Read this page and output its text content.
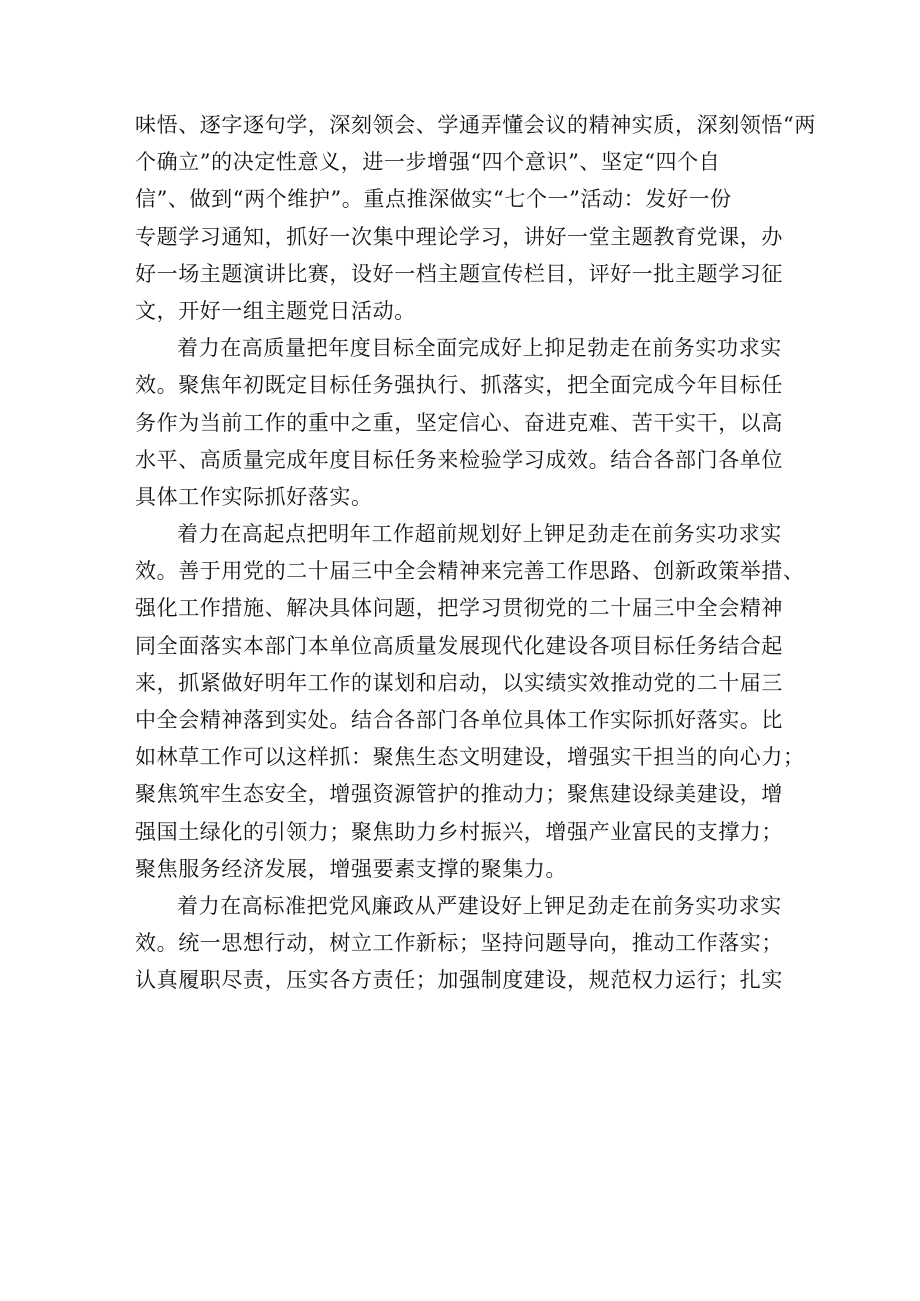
味悟、逐字逐句学，深刻领会、学通弄懂会议的精神实质，深刻领悟“两
个确立”的决定性意义，进一步增强“四个意识”、坚定“四个自
信”、做到“两个维护”。重点推深做实“七个一”活动：发好一份
专题学习通知，抓好一次集中理论学习，讲好一堂主题教育党课，办
好一场主题演讲比赛，设好一档主题宣传栏目，评好一批主题学习征
文，开好一组主题党日活动。
着力在高质量把年度目标全面完成好上抑足勃走在前务实功求实
效。聚焦年初既定目标任务强执行、抓落实，把全面完成今年目标任
务作为当前工作的重中之重，坚定信心、奋进克难、苦干实干，以高
水平、高质量完成年度目标任务来检验学习成效。结合各部门各单位
具体工作实际抓好落实。
着力在高起点把明年工作超前规划好上钾足劲走在前务实功求实
效。善于用党的二十届三中全会精神来完善工作思路、创新政策举措、
强化工作措施、解决具体问题，把学习贯彻党的二十届三中全会精神
同全面落实本部门本单位高质量发展现代化建设各项目标任务结合起
来，抓紧做好明年工作的谋划和启动，以实绩实效推动党的二十届三
中全会精神落到实处。结合各部门各单位具体工作实际抓好落实。比
如林草工作可以这样抓：聚焦生态文明建设，增强实干担当的向心力；
聚焦筑牢生态安全，增强资源管护的推动力；聚焦建设绿美建设，增
强国土绿化的引领力；聚焦助力乡村振兴，增强产业富民的支撑力；
聚焦服务经济发展，增强要素支撑的聚集力。
着力在高标准把党风廉政从严建设好上钾足劲走在前务实功求实
效。统一思想行动，树立工作新标；坚持问题导向，推动工作落实；
认真履职尽责，压实各方责任；加强制度建设，规范权力运行；扎实
